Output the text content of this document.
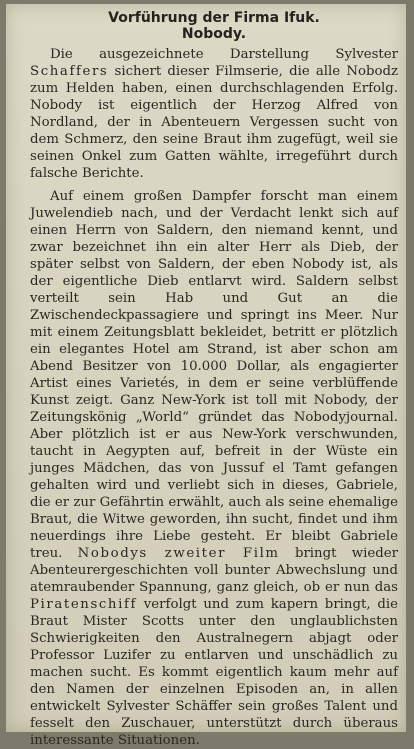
Vorführung der Firma Ifuk.
Nobody.

Die ausgezeichnete Darstellung Sylvester Schaffers sichert dieser Filmserie, die alle Nobodz zum Helden haben, einen durchschlagenden Erfolg. Nobody ist eigentlich der Herzog Alfred von Nordland, der in Abenteuern Vergessen sucht von dem Schmerz, den seine Braut ihm zugefügt, weil sie seinen Onkel zum Gatten wählte, irregeführt durch falsche Berichte.

Auf einem großen Dampfer forscht man einem Juwelendieb nach, und der Verdacht lenkt sich auf einen Herrn von Saldern, den niemand kennt, und zwar bezeichnet ihn ein alter Herr als Dieb, der später selbst von Saldern, der eben Nobody ist, als der eigentliche Dieb entlarvt wird. Saldern selbst verteilt sein Hab und Gut an die Zwischendeckpassagiere und springt ins Meer. Nur mit einem Zeitungsblatt bekleidet, betritt er plötzlich ein elegantes Hotel am Strand, ist aber schon am Abend Besitzer von 10.000 Dollar, als engagierter Artist eines Varietés, in dem er seine verblüffende Kunst zeigt. Ganz New-York ist toll mit Nobody, der Zeitungskönig „World“ gründet das Nobodyjournal. Aber plötzlich ist er aus New-York verschwunden, taucht in Aegypten auf, befreit in der Wüste ein junges Mädchen, das von Jussuf el Tamt gefangen gehalten wird und verliebt sich in dieses, Gabriele, die er zur Gefährtin erwählt, auch als seine ehemalige Braut, die Witwe geworden, ihn sucht, findet und ihm neuerdings ihre Liebe gesteht. Er bleibt Gabriele treu. Nobodys zweiter Film bringt wieder Abenteurergeschichten voll bunter Abwechslung und atemraubender Spannung, ganz gleich, ob er nun das Piratenschiff verfolgt und zum kapern bringt, die Braut Mister Scotts unter den unglaublichsten Schwierigkeiten den Australnegern abjagt oder Professor Luzifer zu entlarven und unschädlich zu machen sucht. Es kommt eigentlich kaum mehr auf den Namen der einzelnen Episoden an, in allen entwickelt Sylvester Schäffer sein großes Talent und fesselt den Zuschauer, unterstützt durch überaus interessante Situationen.
